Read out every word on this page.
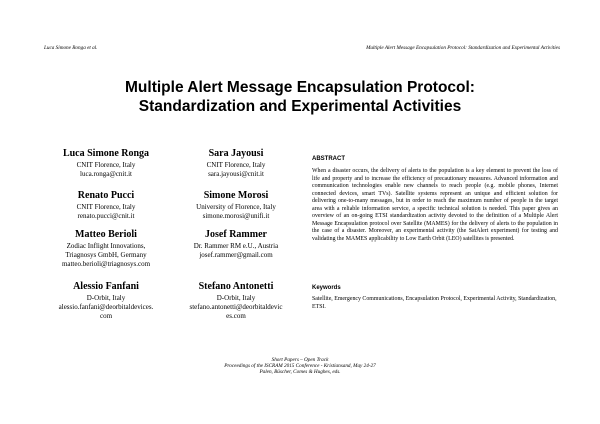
Luca Simone Ronga et al.	Multiple Alert Message Encapsulation Protocol: Standardization and Experimental Activities
Multiple Alert Message Encapsulation Protocol:
Standardization and Experimental Activities
Luca Simone Ronga
CNIT Florence, Italy
luca.ronga@cnit.it
Sara Jayousi
CNIT Florence, Italy
sara.jayousi@cnit.it
Renato Pucci
CNIT Florence, Italy
renato.pucci@cnit.it
Simone Morosi
University of Florence, Italy
simone.morosi@unifi.it
Matteo Berioli
Zodiac Inflight Innovations,
Triagnosys GmbH, Germany
matteo.berioli@triagnosys.com
Josef Rammer
Dr. Rammer RM e.U., Austria
josef.rammer@gmail.com
Alessio Fanfani
D-Orbit, Italy
alessio.fanfani@deorbitaldevices.
com
Stefano Antonetti
D-Orbit, Italy
stefano.antonetti@deorbitaldevic
es.com
ABSTRACT
When a disaster occurs, the delivery of alerts to the population is a key element to prevent the loss of life and property and to increase the efficiency of precautionary measures. Advanced information and communication technologies enable new channels to reach people (e.g. mobile phones, Internet connected devices, smart TVs). Satellite systems represent an unique and efficient solution for delivering one-to-many messages, but in order to reach the maximum number of people in the target area with a reliable information service, a specific technical solution is needed. This paper gives an overview of an on-going ETSI standardization activity devoted to the definition of a Multiple Alert Message Encapsulation protocol over Satellite (MAMES) for the delivery of alerts to the population in the case of a disaster. Moreover, an experimental activity (the SatAlert experiment) for testing and validating the MAMES applicability to Low Earth Orbit (LEO) satellites is presented.
Keywords
Satellite, Emergency Communications, Encapsulation Protocol, Experimental Activity, Standardization, ETSI.
Short Papers – Open Track
Proceedings of the ISCRAM 2015 Conference - Kristiansand, May 24-27
Palen, Büscher, Comes & Hughes, eds.
